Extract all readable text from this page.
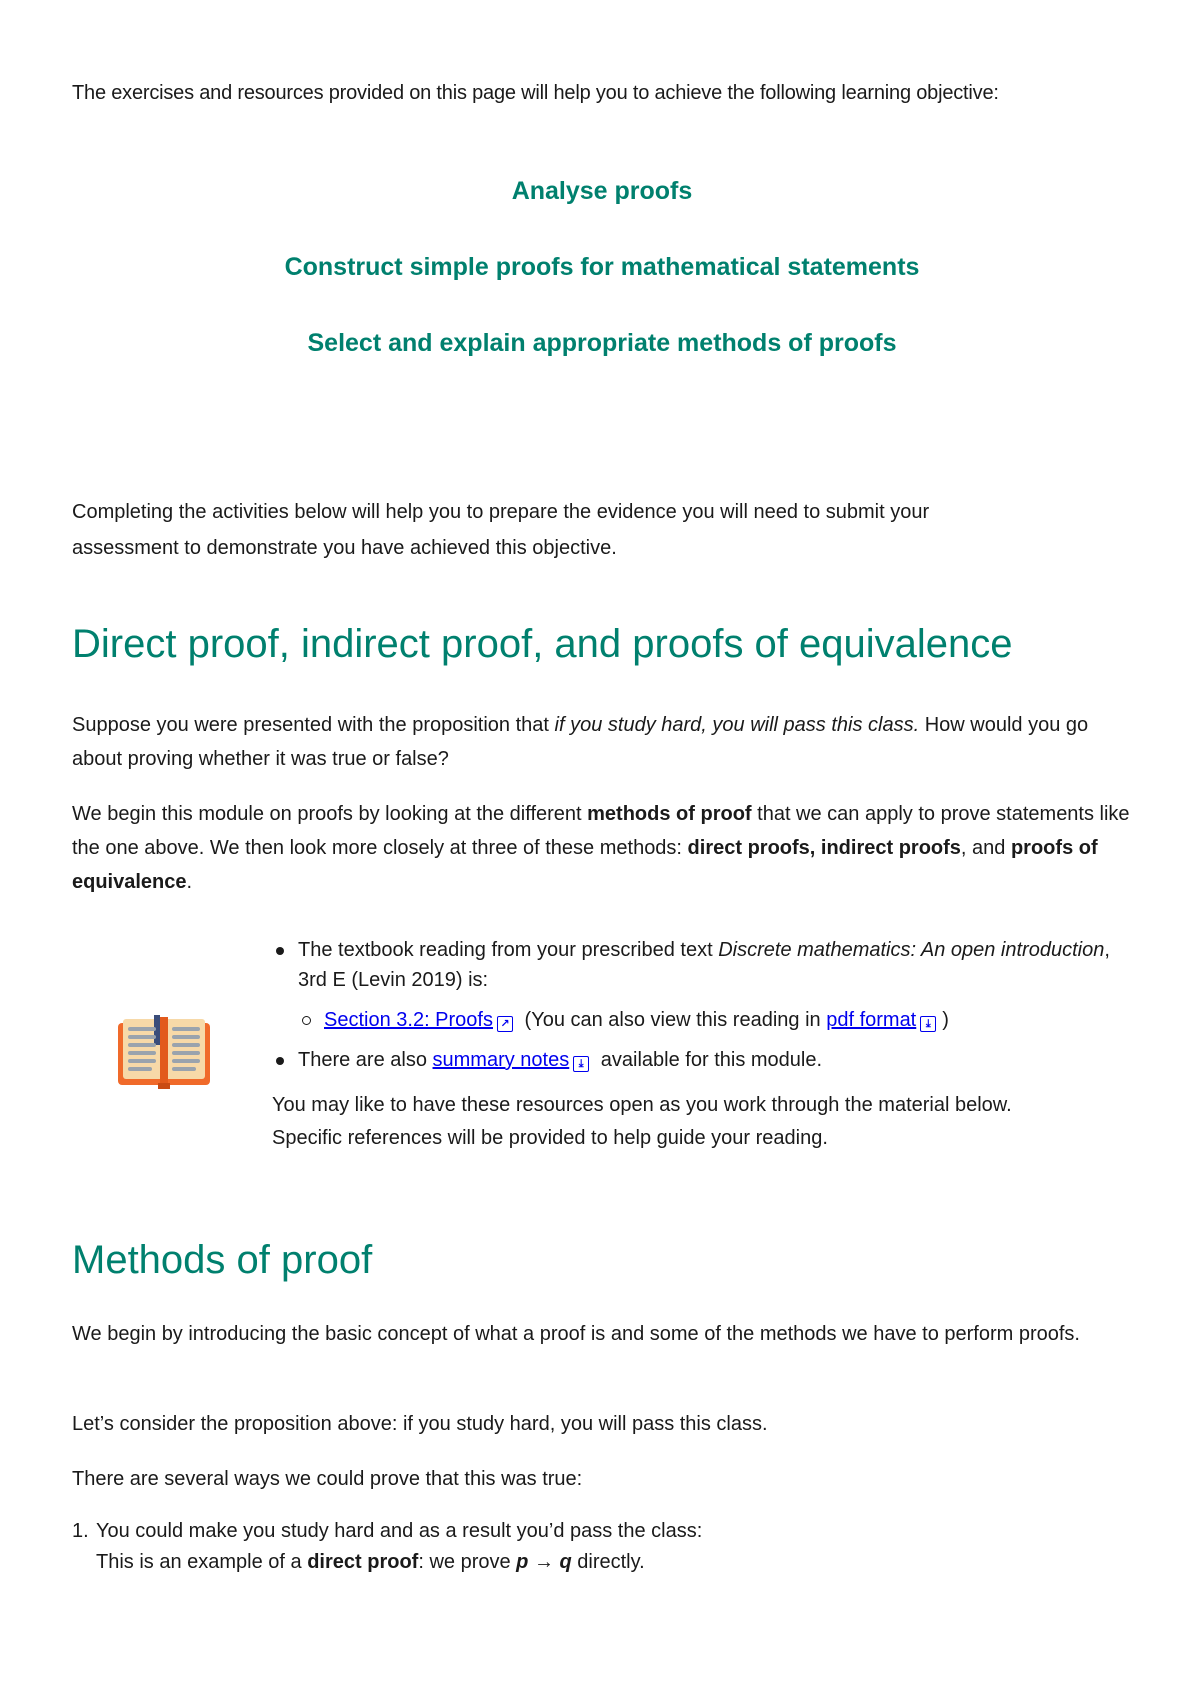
The exercises and resources provided on this page will help you to achieve the following learning objective:

Analyse proofs
Construct simple proofs for mathematical statements
Select and explain appropriate methods of proofs
Completing the activities below will help you to prepare the evidence you will need to submit your
assessment to demonstrate you have achieved this objective.
Direct proof, indirect proof, and proofs of equivalence

Suppose you were presented with the proposition that if you study hard, you will pass this class. How would you go about proving whether it was true or false?

We begin this module on proofs by looking at the different methods of proof that we can apply to prove statements like the one above. We then look more closely at three of these methods: direct proofs, indirect proofs, and proofs of equivalence.

The textbook reading from your prescribed text Discrete mathematics: An open introduction, 3rd E (Levin 2019) is:
Section 3.2: Proofs ↗ (You can also view this reading in pdf format ⤓ )
There are also summary notes ⤓ available for this module.
You may like to have these resources open as you work through the material below.
Specific references will be provided to help guide your reading.
Methods of proof

We begin by introducing the basic concept of what a proof is and some of the methods we have to perform proofs.

Let’s consider the proposition above: if you study hard, you will pass this class.

There are several ways we could prove that this was true:

1. You could make you study hard and as a result you’d pass the class:
This is an example of a direct proof: we prove p → q directly.
